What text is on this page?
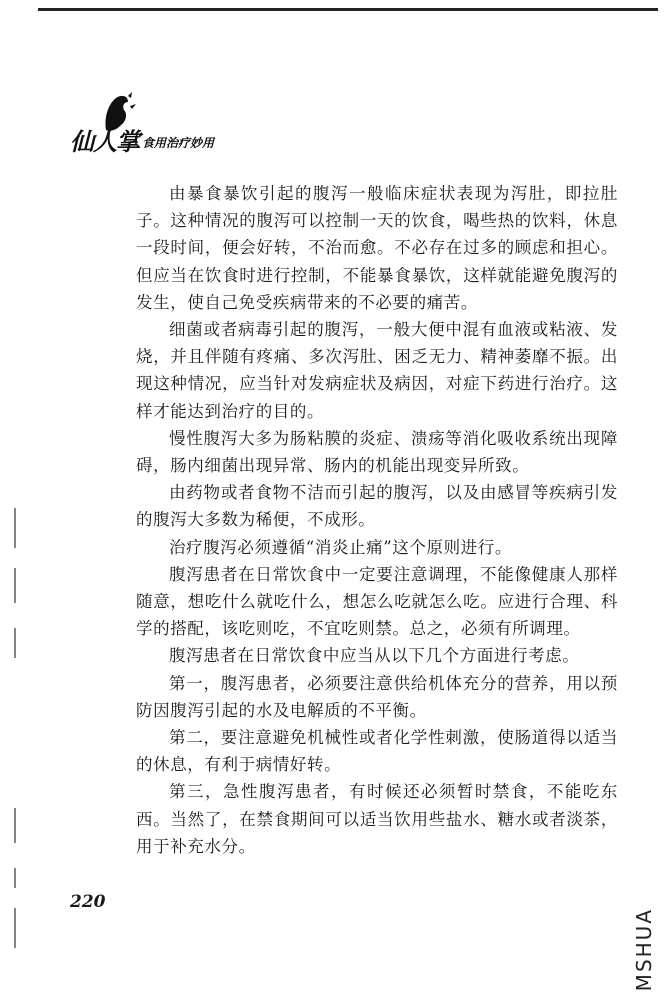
仙人掌 食用治疗妙用

由暴食暴饮引起的腹泻一般临床症状表现为泻肚，即拉肚子。这种情况的腹泻可以控制一天的饮食，喝些热的饮料，休息一段时间，便会好转，不治而愈。不必存在过多的顾虑和担心。但应当在饮食时进行控制，不能暴食暴饮，这样就能避免腹泻的发生，使自己免受疾病带来的不必要的痛苦。

细菌或者病毒引起的腹泻，一般大便中混有血液或粘液、发烧，并且伴随有疼痛、多次泻肚、困乏无力、精神萎靡不振。出现这种情况，应当针对发病症状及病因，对症下药进行治疗。这样才能达到治疗的目的。

慢性腹泻大多为肠粘膜的炎症、溃疡等消化吸收系统出现障碍，肠内细菌出现异常、肠内的机能出现变异所致。

由药物或者食物不洁而引起的腹泻，以及由感冒等疾病引发的腹泻大多数为稀便，不成形。

治疗腹泻必须遵循“消炎止痛”这个原则进行。

腹泻患者在日常饮食中一定要注意调理，不能像健康人那样随意，想吃什么就吃什么，想怎么吃就怎么吃。应进行合理、科学的搭配，该吃则吃，不宜吃则禁。总之，必须有所调理。

腹泻患者在日常饮食中应当从以下几个方面进行考虑。

第一，腹泻患者，必须要注意供给机体充分的营养，用以预防因腹泻引起的水及电解质的不平衡。

第二，要注意避免机械性或者化学性刺激，使肠道得以适当的休息，有利于病情好转。

第三，急性腹泻患者，有时候还必须暂时禁食，不能吃东西。当然了，在禁食期间可以适当饮用些盐水、糖水或者淡茶，用于补充水分。

220
MSHUA
